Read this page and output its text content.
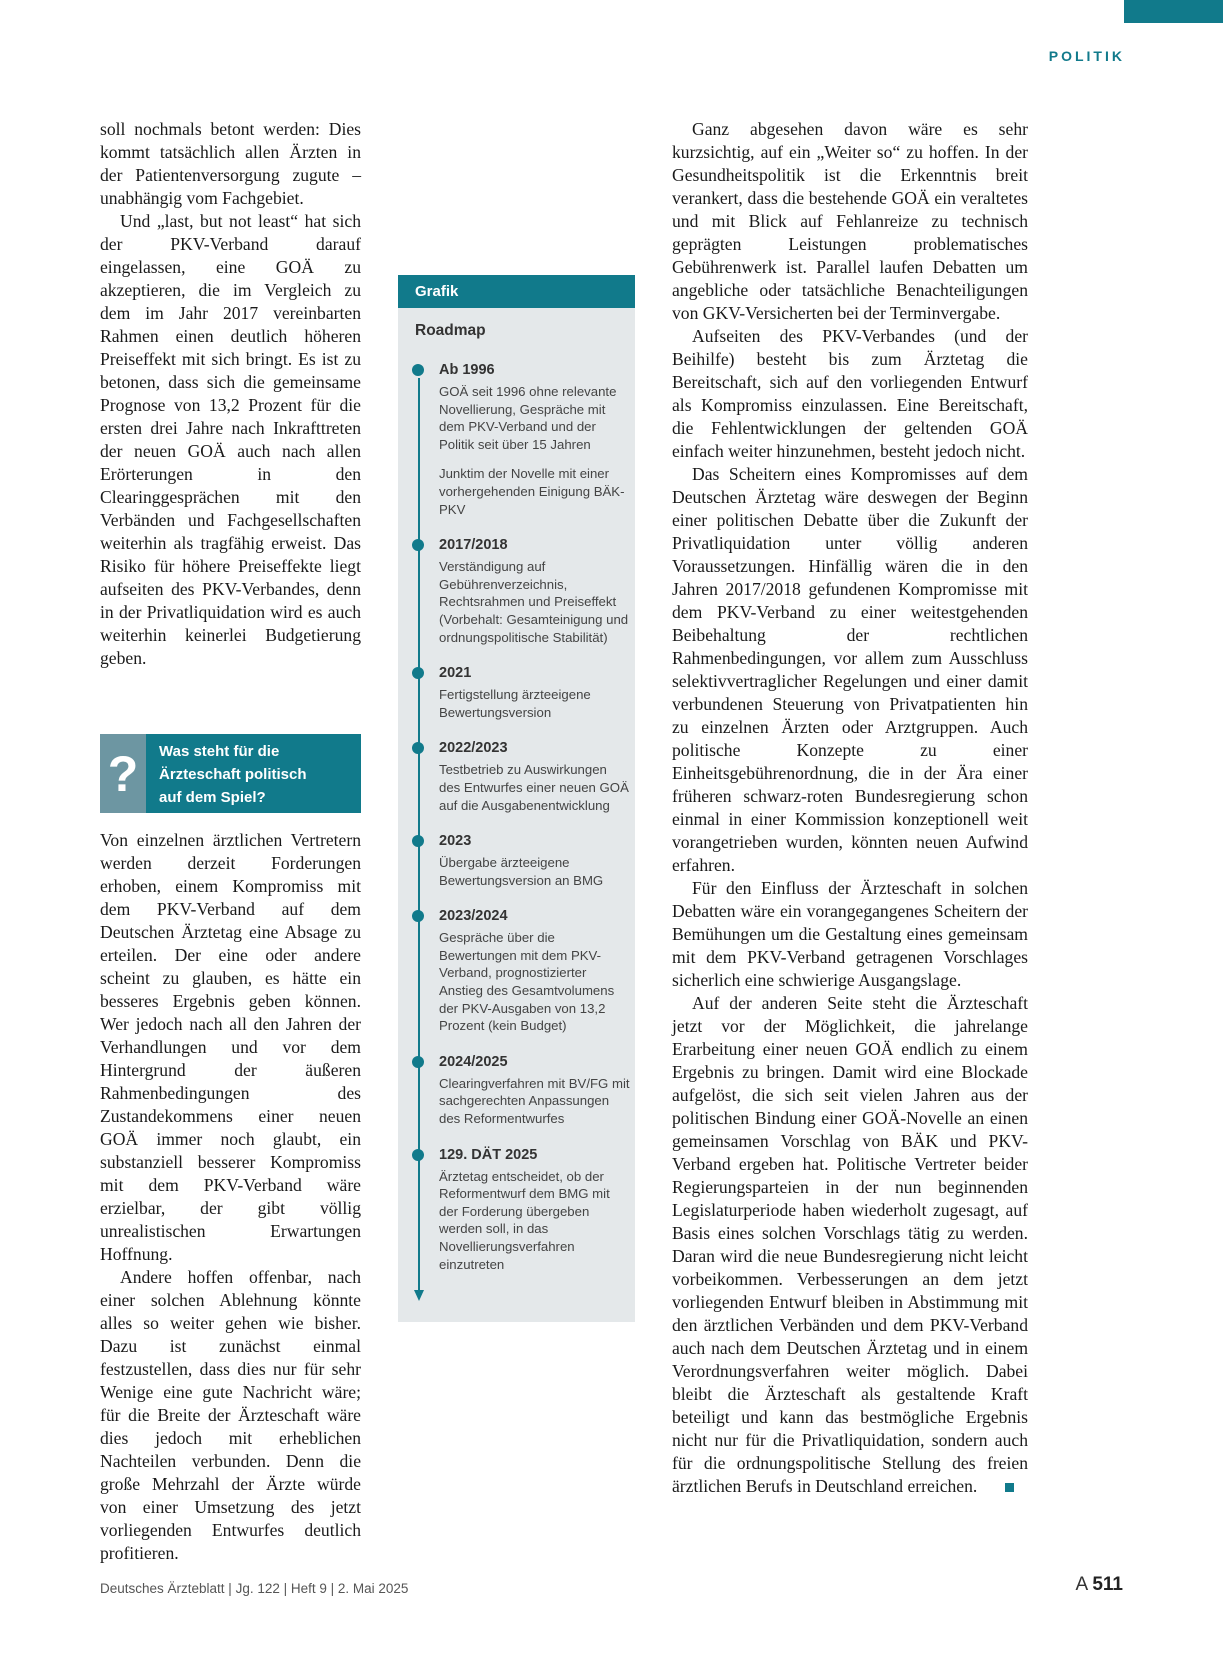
POLITIK

soll nochmals betont werden: Dies kommt tatsächlich allen Ärzten in der Patientenversorgung zugute – unabhängig vom Fachgebiet.

Und „last, but not least“ hat sich der PKV-Verband darauf eingelassen, eine GOÄ zu akzeptieren, die im Vergleich zu dem im Jahr 2017 vereinbarten Rahmen einen deutlich höheren Preiseffekt mit sich bringt. Es ist zu betonen, dass sich die gemeinsame Prognose von 13,2 Prozent für die ersten drei Jahre nach Inkrafttreten der neuen GOÄ auch nach allen Erörterungen in den Clearinggesprächen mit den Verbänden und Fachgesellschaften weiterhin als tragfähig erweist. Das Risiko für höhere Preiseffekte liegt aufseiten des PKV-Verbandes, denn in der Privatliquidation wird es auch weiterhin keinerlei Budgetierung geben.

?	Was steht für die
Ärzteschaft politisch
auf dem Spiel?

Von einzelnen ärztlichen Vertretern werden derzeit Forderungen erhoben, einem Kompromiss mit dem PKV-Verband auf dem Deutschen Ärztetag eine Absage zu erteilen. Der eine oder andere scheint zu glauben, es hätte ein besseres Ergebnis geben können. Wer jedoch nach all den Jahren der Verhandlungen und vor dem Hintergrund der äußeren Rahmenbedingungen des Zustandekommens einer neuen GOÄ immer noch glaubt, ein substanziell besserer Kompromiss mit dem PKV-Verband wäre erzielbar, der gibt völlig unrealistischen Erwartungen Hoffnung.

Andere hoffen offenbar, nach einer solchen Ablehnung könnte alles so weiter gehen wie bisher. Dazu ist zunächst einmal festzustellen, dass dies nur für sehr Wenige eine gute Nachricht wäre; für die Breite der Ärzteschaft wäre dies jedoch mit erheblichen Nachteilen verbunden. Denn die große Mehrzahl der Ärzte würde von einer Umsetzung des jetzt vorliegenden Entwurfes deutlich profitieren.

Grafik
Roadmap
Ab 1996
GOÄ seit 1996 ohne relevante Novellierung, Gespräche mit dem PKV-Verband und der Politik seit über 15 Jahren
Junktim der Novelle mit einer vorhergehenden Einigung BÄK-PKV
2017/2018
Verständigung auf Gebührenverzeichnis, Rechtsrahmen und Preiseffekt (Vorbehalt: Gesamteinigung und ordnungspolitische Stabilität)
2021
Fertigstellung ärzteeigene Bewertungsversion
2022/2023
Testbetrieb zu Auswirkungen des Entwurfes einer neuen GOÄ auf die Ausgabenentwicklung
2023
Übergabe ärzteeigene Bewertungsversion an BMG
2023/2024
Gespräche über die Bewertungen mit dem PKV-Verband, prognostizierter Anstieg des Gesamtvolumens der PKV-Ausgaben von 13,2 Prozent (kein Budget)
2024/2025
Clearingverfahren mit BV/FG mit sachgerechten Anpassungen des Reformentwurfes
129. DÄT 2025
Ärztetag entscheidet, ob der Reformentwurf dem BMG mit der Forderung übergeben werden soll, in das Novellierungsverfahren einzutreten

Ganz abgesehen davon wäre es sehr kurzsichtig, auf ein „Weiter so“ zu hoffen. In der Gesundheitspolitik ist die Erkenntnis breit verankert, dass die bestehende GOÄ ein veraltetes und mit Blick auf Fehlanreize zu technisch geprägten Leistungen problematisches Gebührenwerk ist. Parallel laufen Debatten um angebliche oder tatsächliche Benachteiligungen von GKV-Versicherten bei der Terminvergabe.

Aufseiten des PKV-Verbandes (und der Beihilfe) besteht bis zum Ärztetag die Bereitschaft, sich auf den vorliegenden Entwurf als Kompromiss einzulassen. Eine Bereitschaft, die Fehlentwicklungen der geltenden GOÄ einfach weiter hinzunehmen, besteht jedoch nicht.

Das Scheitern eines Kompromisses auf dem Deutschen Ärztetag wäre deswegen der Beginn einer politischen Debatte über die Zukunft der Privatliquidation unter völlig anderen Voraussetzungen. Hinfällig wären die in den Jahren 2017/2018 gefundenen Kompromisse mit dem PKV-Verband zu einer weitestgehenden Beibehaltung der rechtlichen Rahmenbedingungen, vor allem zum Ausschluss selektivvertraglicher Regelungen und einer damit verbundenen Steuerung von Privatpatienten hin zu einzelnen Ärzten oder Arztgruppen. Auch politische Konzepte zu einer Einheitsgebührenordnung, die in der Ära einer früheren schwarz-roten Bundesregierung schon einmal in einer Kommission konzeptionell weit vorangetrieben wurden, könnten neuen Aufwind erfahren.

Für den Einfluss der Ärzteschaft in solchen Debatten wäre ein vorangegangenes Scheitern der Bemühungen um die Gestaltung eines gemeinsam mit dem PKV-Verband getragenen Vorschlages sicherlich eine schwierige Ausgangslage.

Auf der anderen Seite steht die Ärzteschaft jetzt vor der Möglichkeit, die jahrelange Erarbeitung einer neuen GOÄ endlich zu einem Ergebnis zu bringen. Damit wird eine Blockade aufgelöst, die sich seit vielen Jahren aus der politischen Bindung einer GOÄ-Novelle an einen gemeinsamen Vorschlag von BÄK und PKV-Verband ergeben hat. Politische Vertreter beider Regierungsparteien in der nun beginnenden Legislaturperiode haben wiederholt zugesagt, auf Basis eines solchen Vorschlags tätig zu werden. Daran wird die neue Bundesregierung nicht leicht vorbeikommen. Verbesserungen an dem jetzt vorliegenden Entwurf bleiben in Abstimmung mit den ärztlichen Verbänden und dem PKV-Verband auch nach dem Deutschen Ärztetag und in einem Verordnungsverfahren weiter möglich. Dabei bleibt die Ärzteschaft als gestaltende Kraft beteiligt und kann das bestmögliche Ergebnis nicht nur für die Privatliquidation, sondern auch für die ordnungspolitische Stellung des freien ärztlichen Berufs in Deutschland erreichen.

Deutsches Ärzteblatt | Jg. 122 | Heft 9 | 2. Mai 2025	A 511
